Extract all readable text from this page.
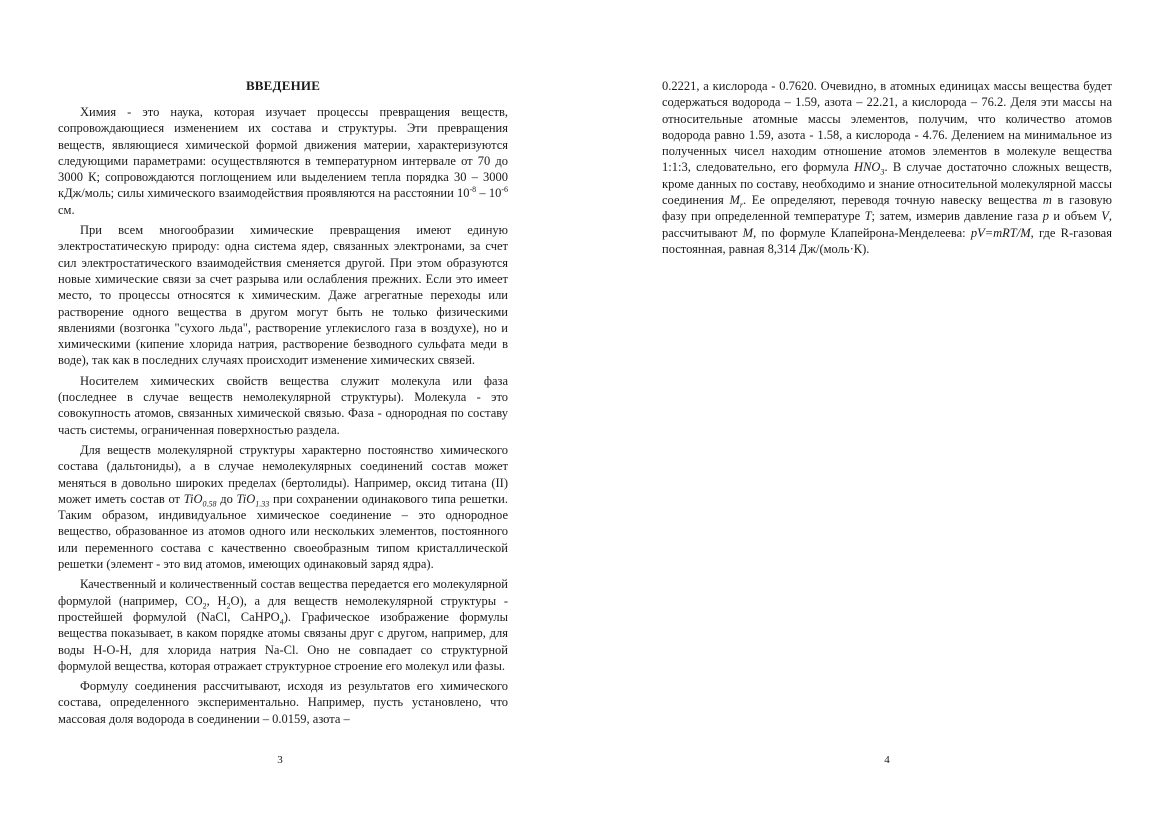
ВВЕДЕНИЕ

Химия - это наука, которая изучает процессы превращения веществ, сопровождающиеся изменением их состава и структуры. Эти превращения веществ, являющиеся химической формой движения материи, характеризуются следующими параметрами: осуществляются в температурном интервале от 70 до 3000 К; сопровождаются поглощением или выделением тепла порядка 30 – 3000 кДж/моль; силы химического взаимодействия проявляются на расстоянии $10^{-8} - 10^{-6}$ см.

При всем многообразии химические превращения имеют единую электростатическую природу: одна система ядер, связанных электронами, за счет сил электростатического взаимодействия сменяется другой. При этом образуются новые химические связи за счет разрыва или ослабления прежних. Если это имеет место, то процессы относятся к химическим. Даже агрегатные переходы или растворение одного вещества в другом могут быть не только физическими явлениями (возгонка "сухого льда", растворение углекислого газа в воздухе), но и химическими (кипение хлорида натрия, растворение безводного сульфата меди в воде), так как в последних случаях происходит изменение химических связей.

Носителем химических свойств вещества служит молекула или фаза (последнее в случае веществ немолекулярной структуры). Молекула - это совокупность атомов, связанных химической связью. Фаза - однородная по составу часть системы, ограниченная поверхностью раздела.

Для веществ молекулярной структуры характерно постоянство химического состава (дальтониды), а в случае немолекулярных соединений состав может меняться в довольно широких пределах (бертолиды). Например, оксид титана (II) может иметь состав от TiO$_{0.58}$ до TiO$_{1.33}$ при сохранении одинакового типа решетки. Таким образом, индивидуальное химическое соединение – это однородное вещество, образованное из атомов одного или нескольких элементов, постоянного или переменного состава с качественно своеобразным типом кристаллической решетки (элемент - это вид атомов, имеющих одинаковый заряд ядра).

Качественный и количественный состав вещества передается его молекулярной формулой (например, $CO_2$, $H_2O$), а для веществ немолекулярной структуры - простейшей формулой (NaCl, CaHPO$_4$). Графическое изображение формулы вещества показывает, в каком порядке атомы связаны друг с другом, например, для воды H-O-H, для хлорида натрия Na-Cl. Оно не совпадает со структурной формулой вещества, которая отражает структурное строение его молекул или фазы.

Формулу соединения рассчитывают, исходя из результатов его химического состава, определенного экспериментально. Например, пусть установлено, что массовая доля водорода в соединении – 0.0159, азота –

3

0.2221, а кислорода - 0.7620. Очевидно, в атомных единицах массы вещества будет содержаться водорода – 1.59, азота – 22.21, а кислорода – 76.2. Деля эти массы на относительные атомные массы элементов, получим, что количество атомов водорода равно 1.59, азота - 1.58, а кислорода - 4.76. Делением на минимальное из полученных чисел находим отношение атомов элементов в молекуле вещества 1:1:3, следовательно, его формула $HNO_3$. В случае достаточно сложных веществ, кроме данных по составу, необходимо и знание относительной молекулярной массы соединения $M_r$. Ее определяют, переводя точную навеску вещества m в газовую фазу при определенной температуре T; затем, измерив давление газа p и объем V, рассчитывают M, по формуле Клапейрона-Менделеева: pV=mRT/M, где R-газовая постоянная, равная 8,314 Дж/(моль·К).

4
